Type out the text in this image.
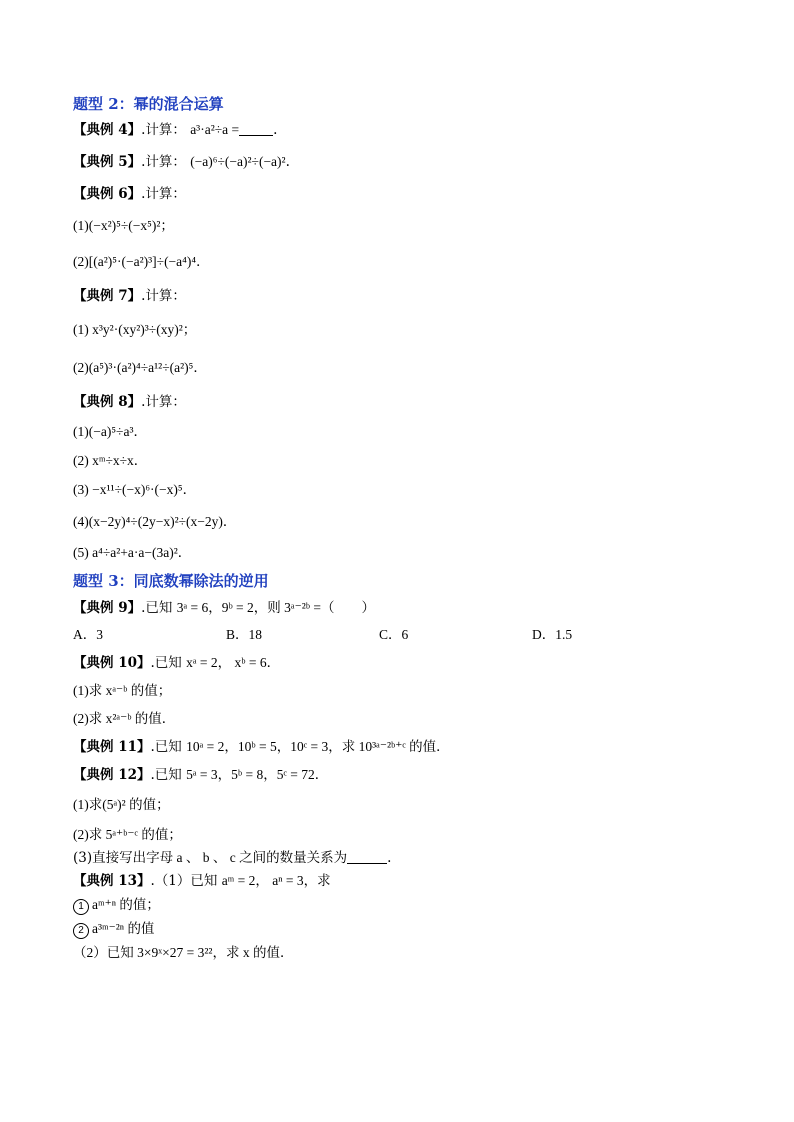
题型 2：幂的混合运算
【典例 4】.计算： a³·a²÷a =	.
【典例 5】.计算： (−a)⁶÷(−a)²÷(−a)².
【典例 6】.计算：
(1)(−x²)⁵÷(−x⁵)²；
(2)[(a²)⁵·(−a²)³]÷(−a⁴)⁴．
【典例 7】.计算：
(1) x³y²·(xy²)³÷(xy)²；
(2)(a⁵)³·(a²)⁴÷a¹²÷(a²)⁵．
【典例 8】.计算：
(1)(−a)⁵÷a³．
(2) xᵐ÷x÷x．
(3) −x¹¹÷(−x)⁶·(−x)⁵．
(4)(x−2y)⁴÷(2y−x)²÷(x−2y)．
(5) a⁴÷a²+a·a−(3a)²．
题型 3：同底数幂除法的逆用
【典例 9】.已知 3ᵃ = 6，9ᵇ = 2，则 3ᵃ⁻²ᵇ =（　　）
A．3	B．18	C．6	D．1.5
【典例 10】.已知 xᵃ = 2， xᵇ = 6．
(1)求 xᵃ⁻ᵇ 的值；
(2)求 x²ᵃ⁻ᵇ 的值．
【典例 11】.已知 10ᵃ = 2，10ᵇ = 5，10ᶜ = 3，求 10³ᵃ⁻²ᵇ⁺ᶜ 的值．
【典例 12】.已知 5ᵃ = 3，5ᵇ = 8，5ᶜ = 72．
(1)求(5ᵃ)² 的值；
(2)求 5ᵃ⁺ᵇ⁻ᶜ 的值；
(3)直接写出字母 a 、 b 、 c 之间的数量关系为	.
【典例 13】.（1）已知 aᵐ = 2， aⁿ = 3，求
1 aᵐ⁺ⁿ 的值；
2 a³ᵐ⁻²ⁿ 的值
（2）已知 3×9ˣ×27 = 3²²，求 x 的值．
